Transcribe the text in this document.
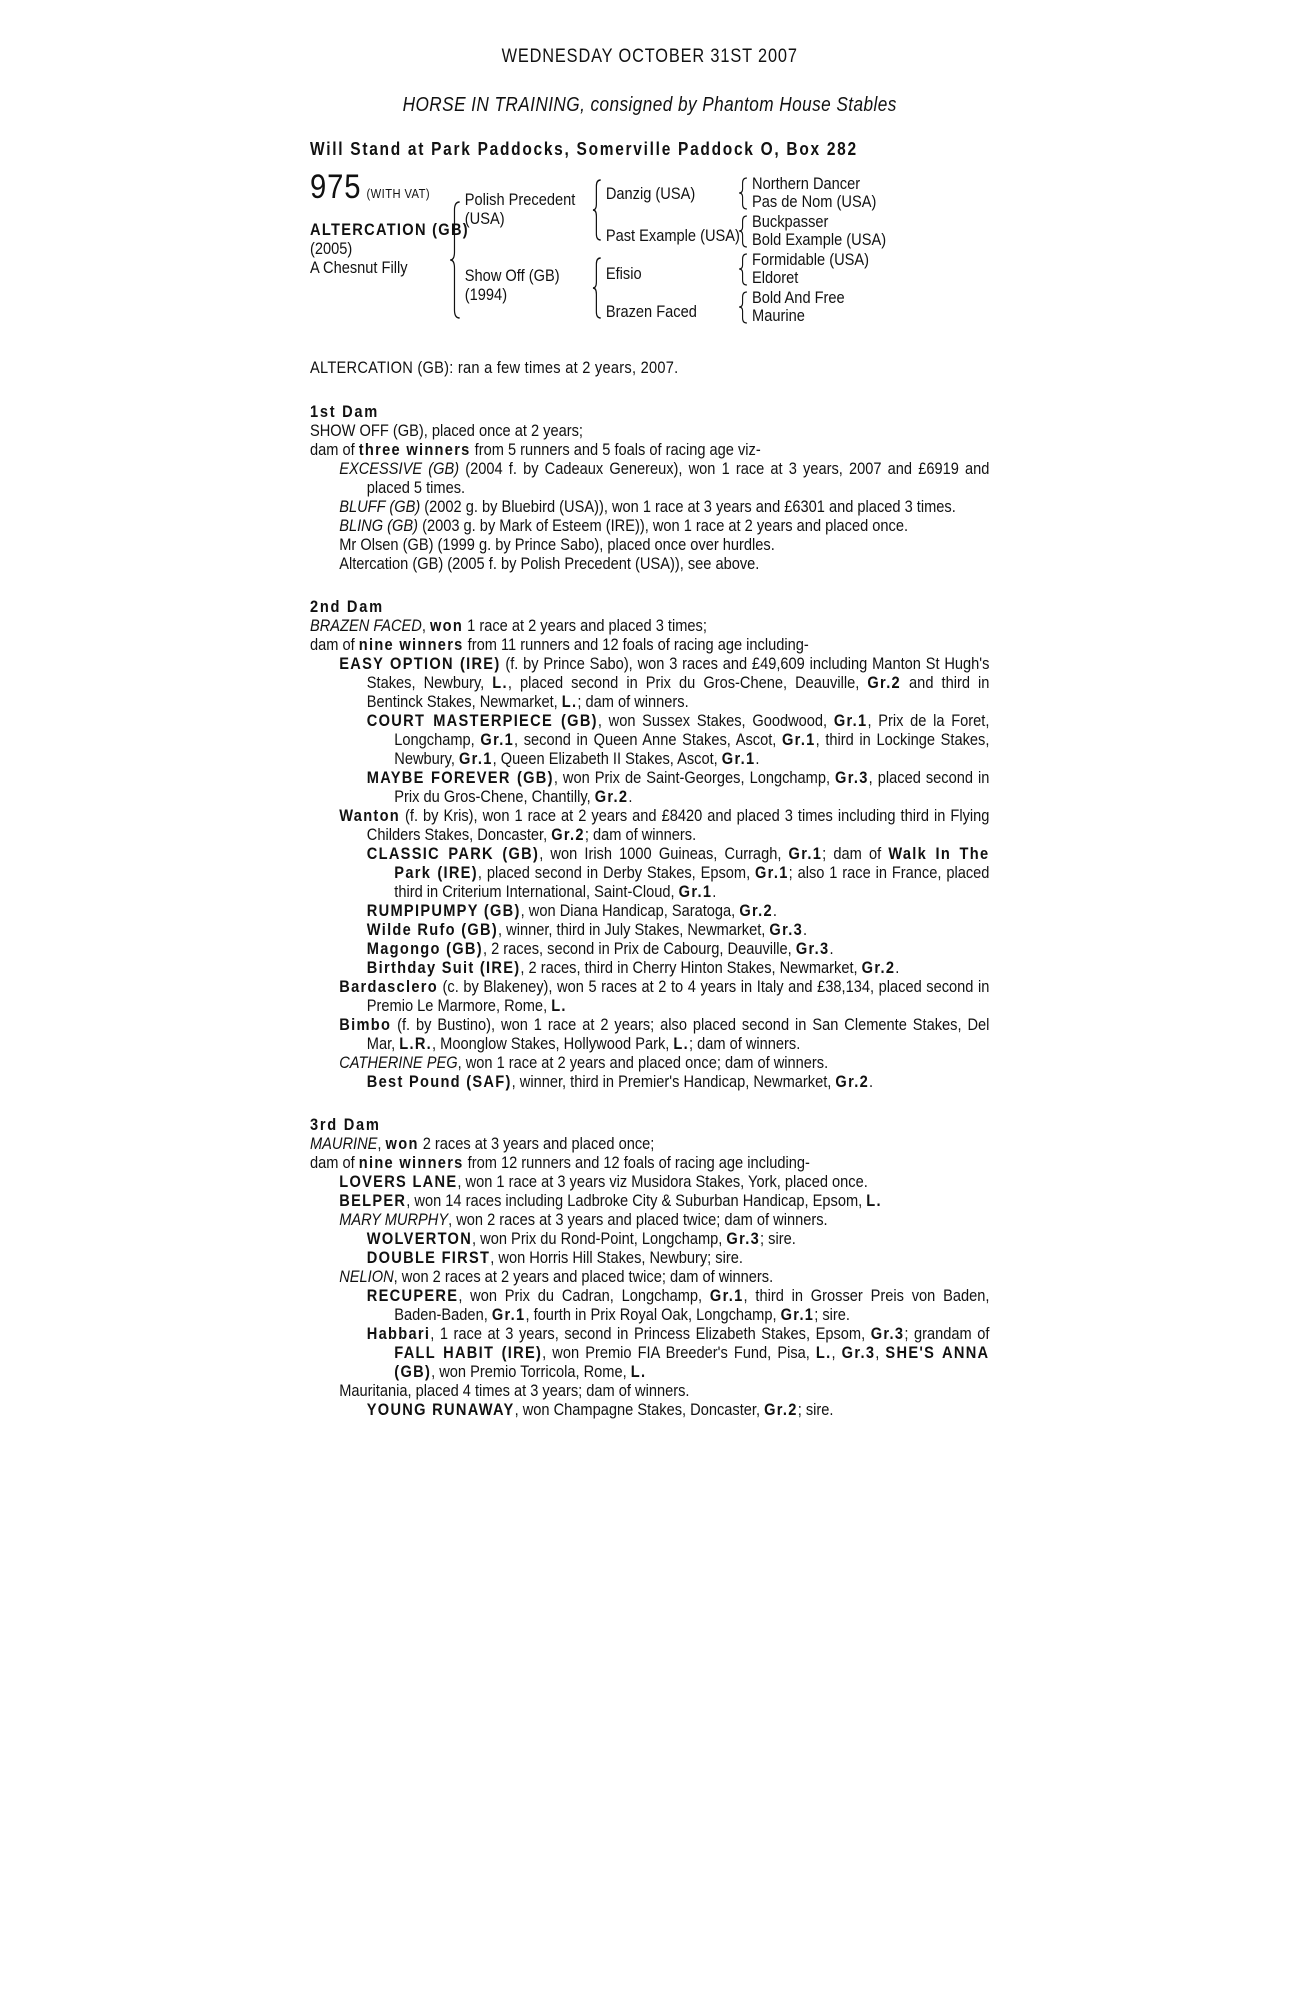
WEDNESDAY OCTOBER 31ST 2007
HORSE IN TRAINING, consigned by Phantom House Stables
Will Stand at Park Paddocks, Somerville Paddock O, Box 282
975 (WITH VAT)
ALTERCATION (GB)
(2005)
A Chesnut Filly
Polish Precedent
(USA)
Show Off (GB)
(1994)
Danzig (USA)
Past Example (USA)
Efisio
Brazen Faced
Northern Dancer
Pas de Nom (USA)
Buckpasser
Bold Example (USA)
Formidable (USA)
Eldoret
Bold And Free
Maurine
ALTERCATION (GB): ran a few times at 2 years, 2007.
1st Dam
SHOW OFF (GB), placed once at 2 years;
dam of three winners from 5 runners and 5 foals of racing age viz-
EXCESSIVE (GB) (2004 f. by Cadeaux Genereux), won 1 race at 3 years, 2007 and £6919 and placed 5 times.
BLUFF (GB) (2002 g. by Bluebird (USA)), won 1 race at 3 years and £6301 and placed 3 times.
BLING (GB) (2003 g. by Mark of Esteem (IRE)), won 1 race at 2 years and placed once.
Mr Olsen (GB) (1999 g. by Prince Sabo), placed once over hurdles.
Altercation (GB) (2005 f. by Polish Precedent (USA)), see above.
2nd Dam
BRAZEN FACED, won 1 race at 2 years and placed 3 times;
dam of nine winners from 11 runners and 12 foals of racing age including-
EASY OPTION (IRE) (f. by Prince Sabo), won 3 races and £49,609 including Manton St Hugh's Stakes, Newbury, L., placed second in Prix du Gros-Chene, Deauville, Gr.2 and third in Bentinck Stakes, Newmarket, L.; dam of winners.
COURT MASTERPIECE (GB), won Sussex Stakes, Goodwood, Gr.1, Prix de la Foret, Longchamp, Gr.1, second in Queen Anne Stakes, Ascot, Gr.1, third in Lockinge Stakes, Newbury, Gr.1, Queen Elizabeth II Stakes, Ascot, Gr.1.
MAYBE FOREVER (GB), won Prix de Saint-Georges, Longchamp, Gr.3, placed second in Prix du Gros-Chene, Chantilly, Gr.2.
Wanton (f. by Kris), won 1 race at 2 years and £8420 and placed 3 times including third in Flying Childers Stakes, Doncaster, Gr.2; dam of winners.
CLASSIC PARK (GB), won Irish 1000 Guineas, Curragh, Gr.1; dam of Walk In The Park (IRE), placed second in Derby Stakes, Epsom, Gr.1; also 1 race in France, placed third in Criterium International, Saint-Cloud, Gr.1.
RUMPIPUMPY (GB), won Diana Handicap, Saratoga, Gr.2.
Wilde Rufo (GB), winner, third in July Stakes, Newmarket, Gr.3.
Magongo (GB), 2 races, second in Prix de Cabourg, Deauville, Gr.3.
Birthday Suit (IRE), 2 races, third in Cherry Hinton Stakes, Newmarket, Gr.2.
Bardasclero (c. by Blakeney), won 5 races at 2 to 4 years in Italy and £38,134, placed second in Premio Le Marmore, Rome, L.
Bimbo (f. by Bustino), won 1 race at 2 years; also placed second in San Clemente Stakes, Del Mar, L.R., Moonglow Stakes, Hollywood Park, L.; dam of winners.
CATHERINE PEG, won 1 race at 2 years and placed once; dam of winners.
Best Pound (SAF), winner, third in Premier's Handicap, Newmarket, Gr.2.
3rd Dam
MAURINE, won 2 races at 3 years and placed once;
dam of nine winners from 12 runners and 12 foals of racing age including-
LOVERS LANE, won 1 race at 3 years viz Musidora Stakes, York, placed once.
BELPER, won 14 races including Ladbroke City & Suburban Handicap, Epsom, L.
MARY MURPHY, won 2 races at 3 years and placed twice; dam of winners.
WOLVERTON, won Prix du Rond-Point, Longchamp, Gr.3; sire.
DOUBLE FIRST, won Horris Hill Stakes, Newbury; sire.
NELION, won 2 races at 2 years and placed twice; dam of winners.
RECUPERE, won Prix du Cadran, Longchamp, Gr.1, third in Grosser Preis von Baden, Baden-Baden, Gr.1, fourth in Prix Royal Oak, Longchamp, Gr.1; sire.
Habbari, 1 race at 3 years, second in Princess Elizabeth Stakes, Epsom, Gr.3; grandam of FALL HABIT (IRE), won Premio FIA Breeder's Fund, Pisa, L., Gr.3, SHE'S ANNA (GB), won Premio Torricola, Rome, L.
Mauritania, placed 4 times at 3 years; dam of winners.
YOUNG RUNAWAY, won Champagne Stakes, Doncaster, Gr.2; sire.
